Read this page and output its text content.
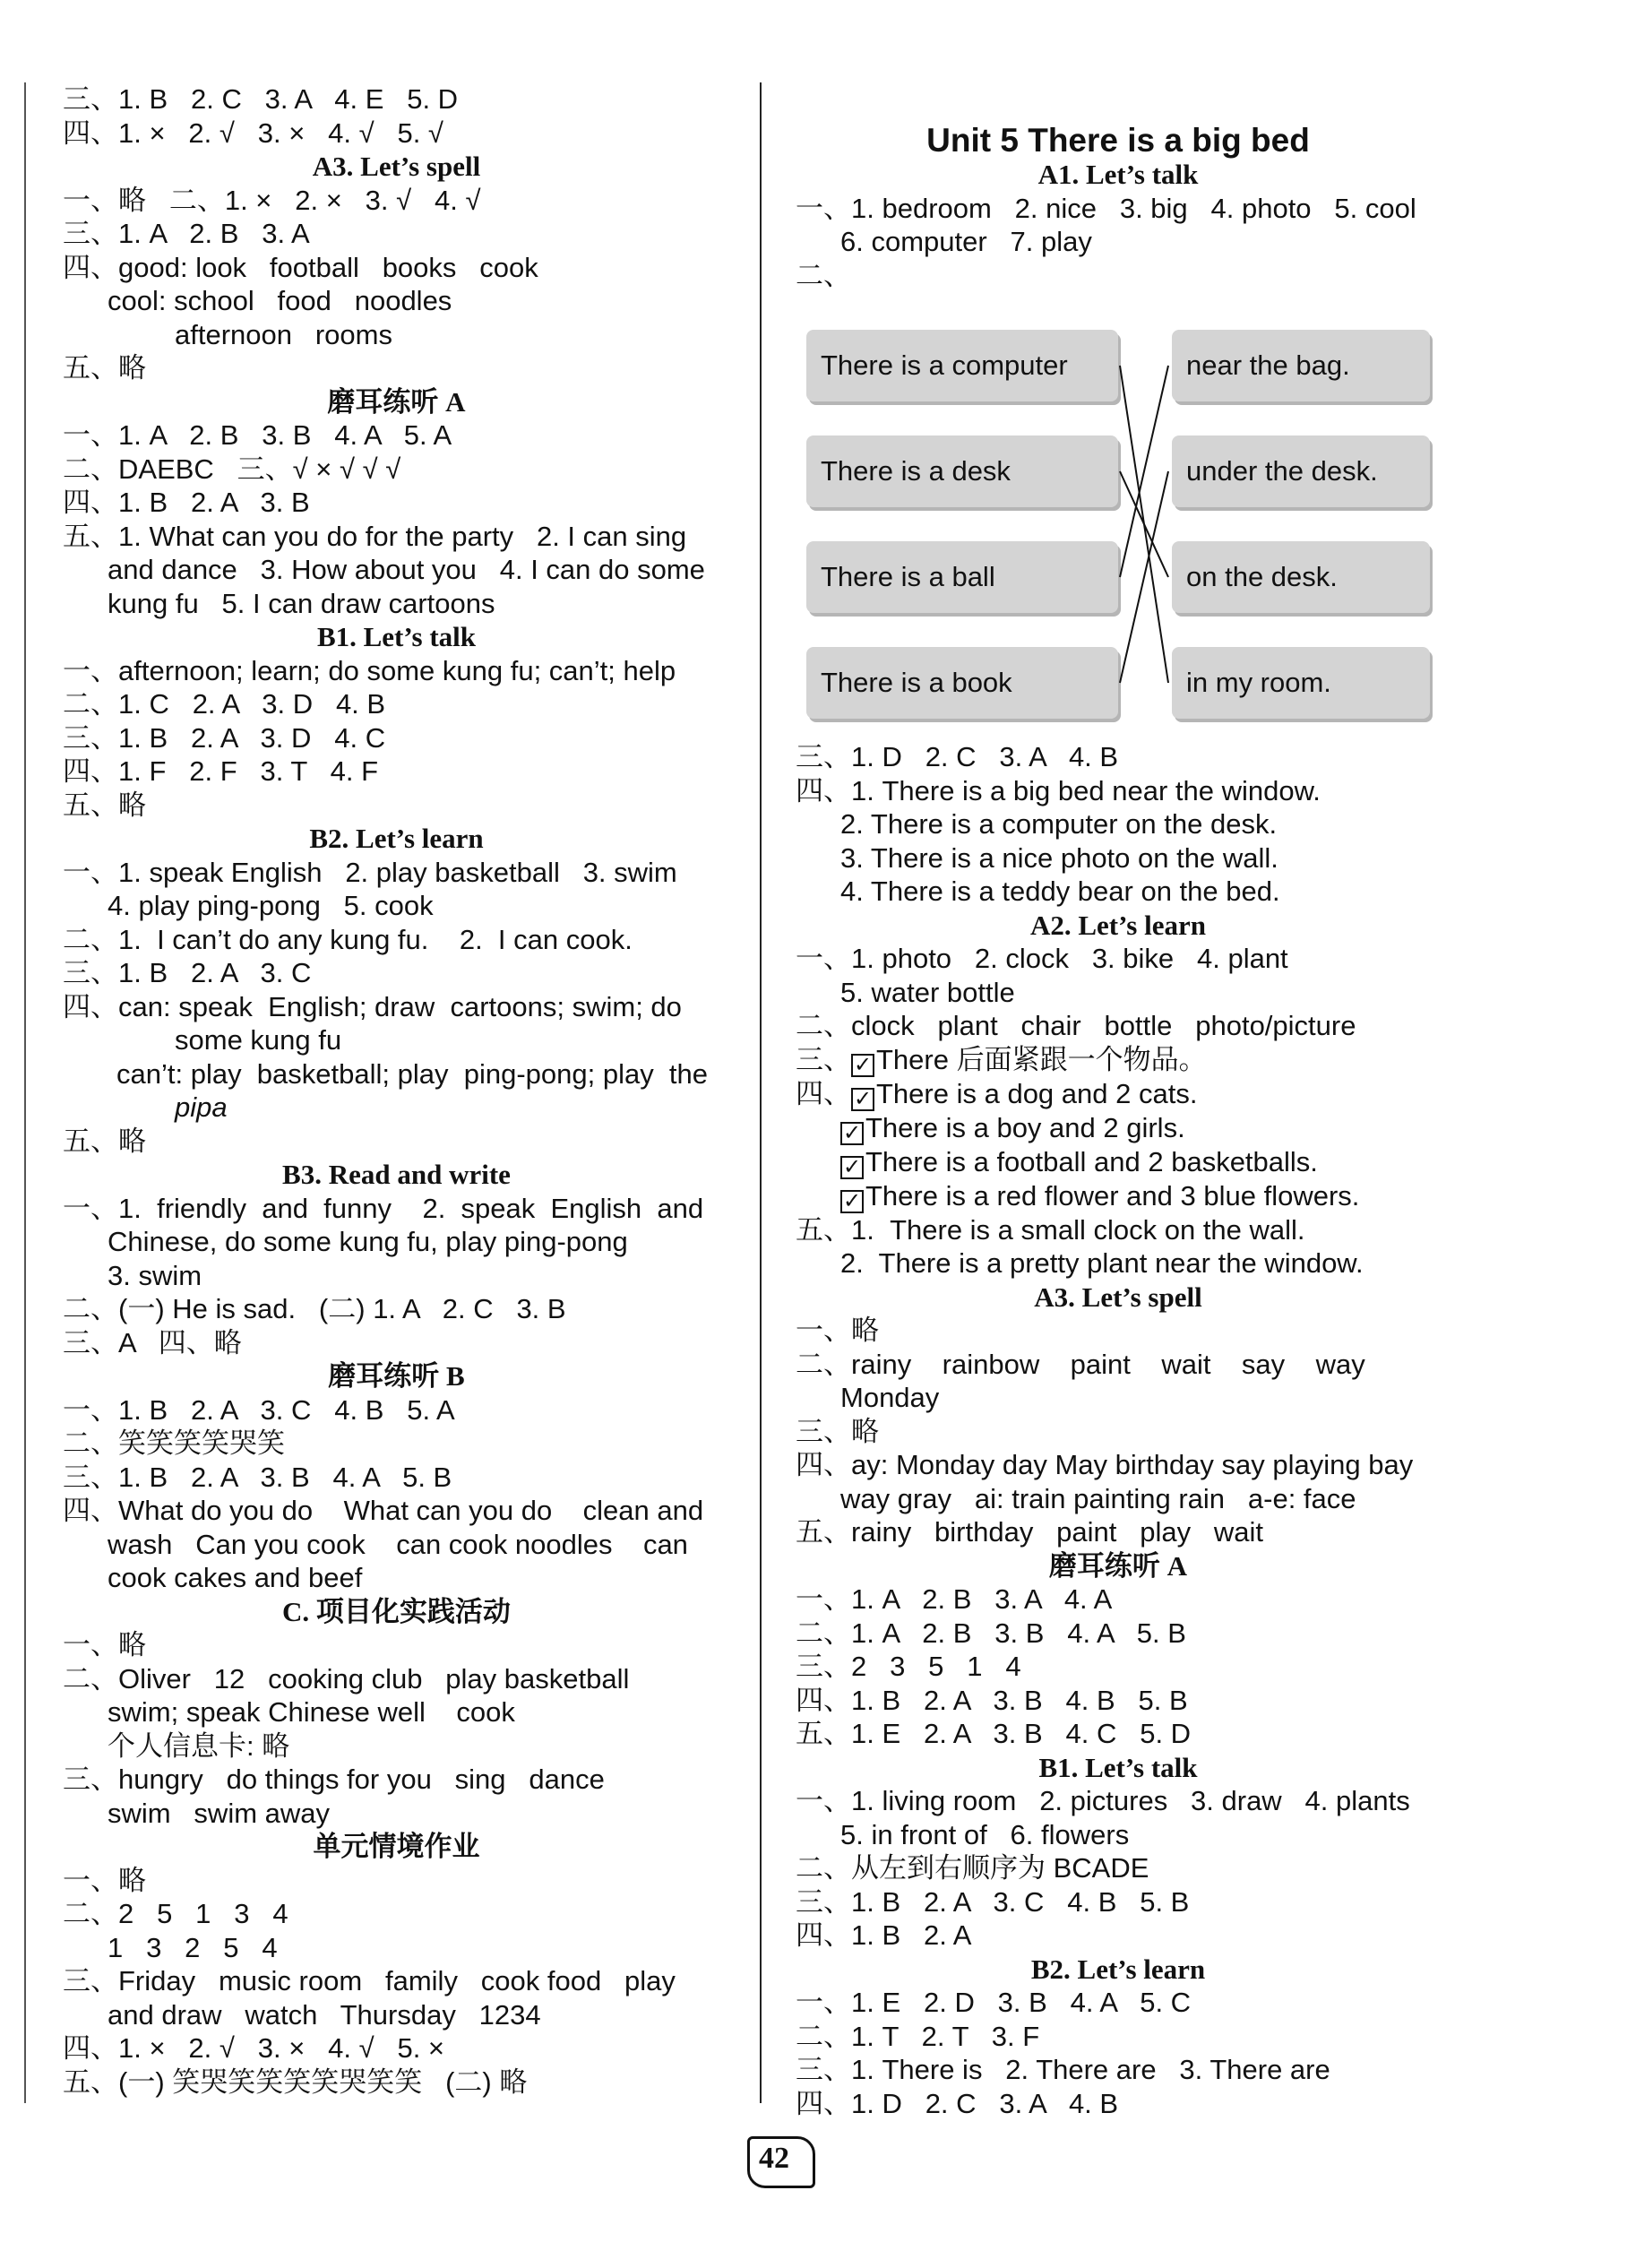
三、1. B   2. C   3. A   4. E   5. D
四、1. ×   2. √   3. ×   4. √   5. √
A3. Let’s spell
一、略   二、1. ×   2. ×   3. √   4. √
三、1. A   2. B   3. A
四、good: look   football   books   cook
cool: school   food   noodles
afternoon   rooms
五、略
磨耳练听 A
一、1. A   2. B   3. B   4. A   5. A
二、DAEBC   三、√ × √ √ √
四、1. B   2. A   3. B
五、1. What can you do for the party   2. I can sing
and dance   3. How about you   4. I can do some
kung fu   5. I can draw cartoons
B1. Let’s talk
一、afternoon; learn; do some kung fu; can’t; help
二、1. C   2. A   3. D   4. B
三、1. B   2. A   3. D   4. C
四、1. F   2. F   3. T   4. F
五、略
B2. Let’s learn
一、1. speak English   2. play basketball   3. swim
4. play ping-pong   5. cook
二、1.  I can’t do any kung fu.    2.  I can cook.
三、1. B   2. A   3. C
四、can: speak  English; draw  cartoons; swim; do
some kung fu
can’t: play  basketball; play  ping-pong; play  the
pipa
五、略
B3. Read and write
一、1.  friendly  and  funny    2.  speak  English  and
Chinese, do some kung fu, play ping-pong
3. swim
二、(一) He is sad.   (二) 1. A   2. C   3. B
三、A   四、略
磨耳练听 B
一、1. B   2. A   3. C   4. B   5. A
二、笑笑笑笑哭笑
三、1. B   2. A   3. B   4. A   5. B
四、What do you do    What can you do    clean and
wash   Can you cook    can cook noodles    can
cook cakes and beef
C. 项目化实践活动
一、略
二、Oliver   12   cooking club   play basketball
swim; speak Chinese well    cook
个人信息卡: 略
三、hungry   do things for you   sing   dance
swim   swim away
单元情境作业
一、略
二、2   5   1   3   4
1   3   2   5   4
三、Friday   music room   family   cook food   play
and draw   watch   Thursday   1234
四、1. ×   2. √   3. ×   4. √   5. ×
五、(一) 笑哭笑笑笑笑哭笑笑   (二) 略
Unit 5 There is a big bed
A1. Let’s talk
一、1. bedroom   2. nice   3. big   4. photo   5. cool
6. computer   7. play
二、
There is a computer
There is a desk
There is a ball
There is a book
near the bag.
under the desk.
on the desk.
in my room.
三、1. D   2. C   3. A   4. B
四、1. There is a big bed near the window.
2. There is a computer on the desk.
3. There is a nice photo on the wall.
4. There is a teddy bear on the bed.
A2. Let’s learn
一、1. photo   2. clock   3. bike   4. plant
5. water bottle
二、clock   plant   chair   bottle   photo/picture
三、 ✓ There 后面紧跟一个物品。
四、 ✓ There is a dog and 2 cats.
✓ There is a boy and 2 girls.
✓ There is a football and 2 basketballs.
✓ There is a red flower and 3 blue flowers.
五、1.  There is a small clock on the wall.
2.  There is a pretty plant near the window.
A3. Let’s spell
一、略
二、rainy    rainbow    paint    wait    say    way
Monday
三、略
四、ay: Monday day May birthday say playing bay
way gray   ai: train painting rain   a-e: face
五、rainy   birthday   paint   play   wait
磨耳练听 A
一、1. A   2. B   3. A   4. A
二、1. A   2. B   3. B   4. A   5. B
三、2   3   5   1   4
四、1. B   2. A   3. B   4. B   5. B
五、1. E   2. A   3. B   4. C   5. D
B1. Let’s talk
一、1. living room   2. pictures   3. draw   4. plants
5. in front of   6. flowers
二、从左到右顺序为 BCADE
三、1. B   2. A   3. C   4. B   5. B
四、1. B   2. A
B2. Let’s learn
一、1. E   2. D   3. B   4. A   5. C
二、1. T   2. T   3. F
三、1. There is   2. There are   3. There are
四、1. D   2. C   3. A   4. B
42
